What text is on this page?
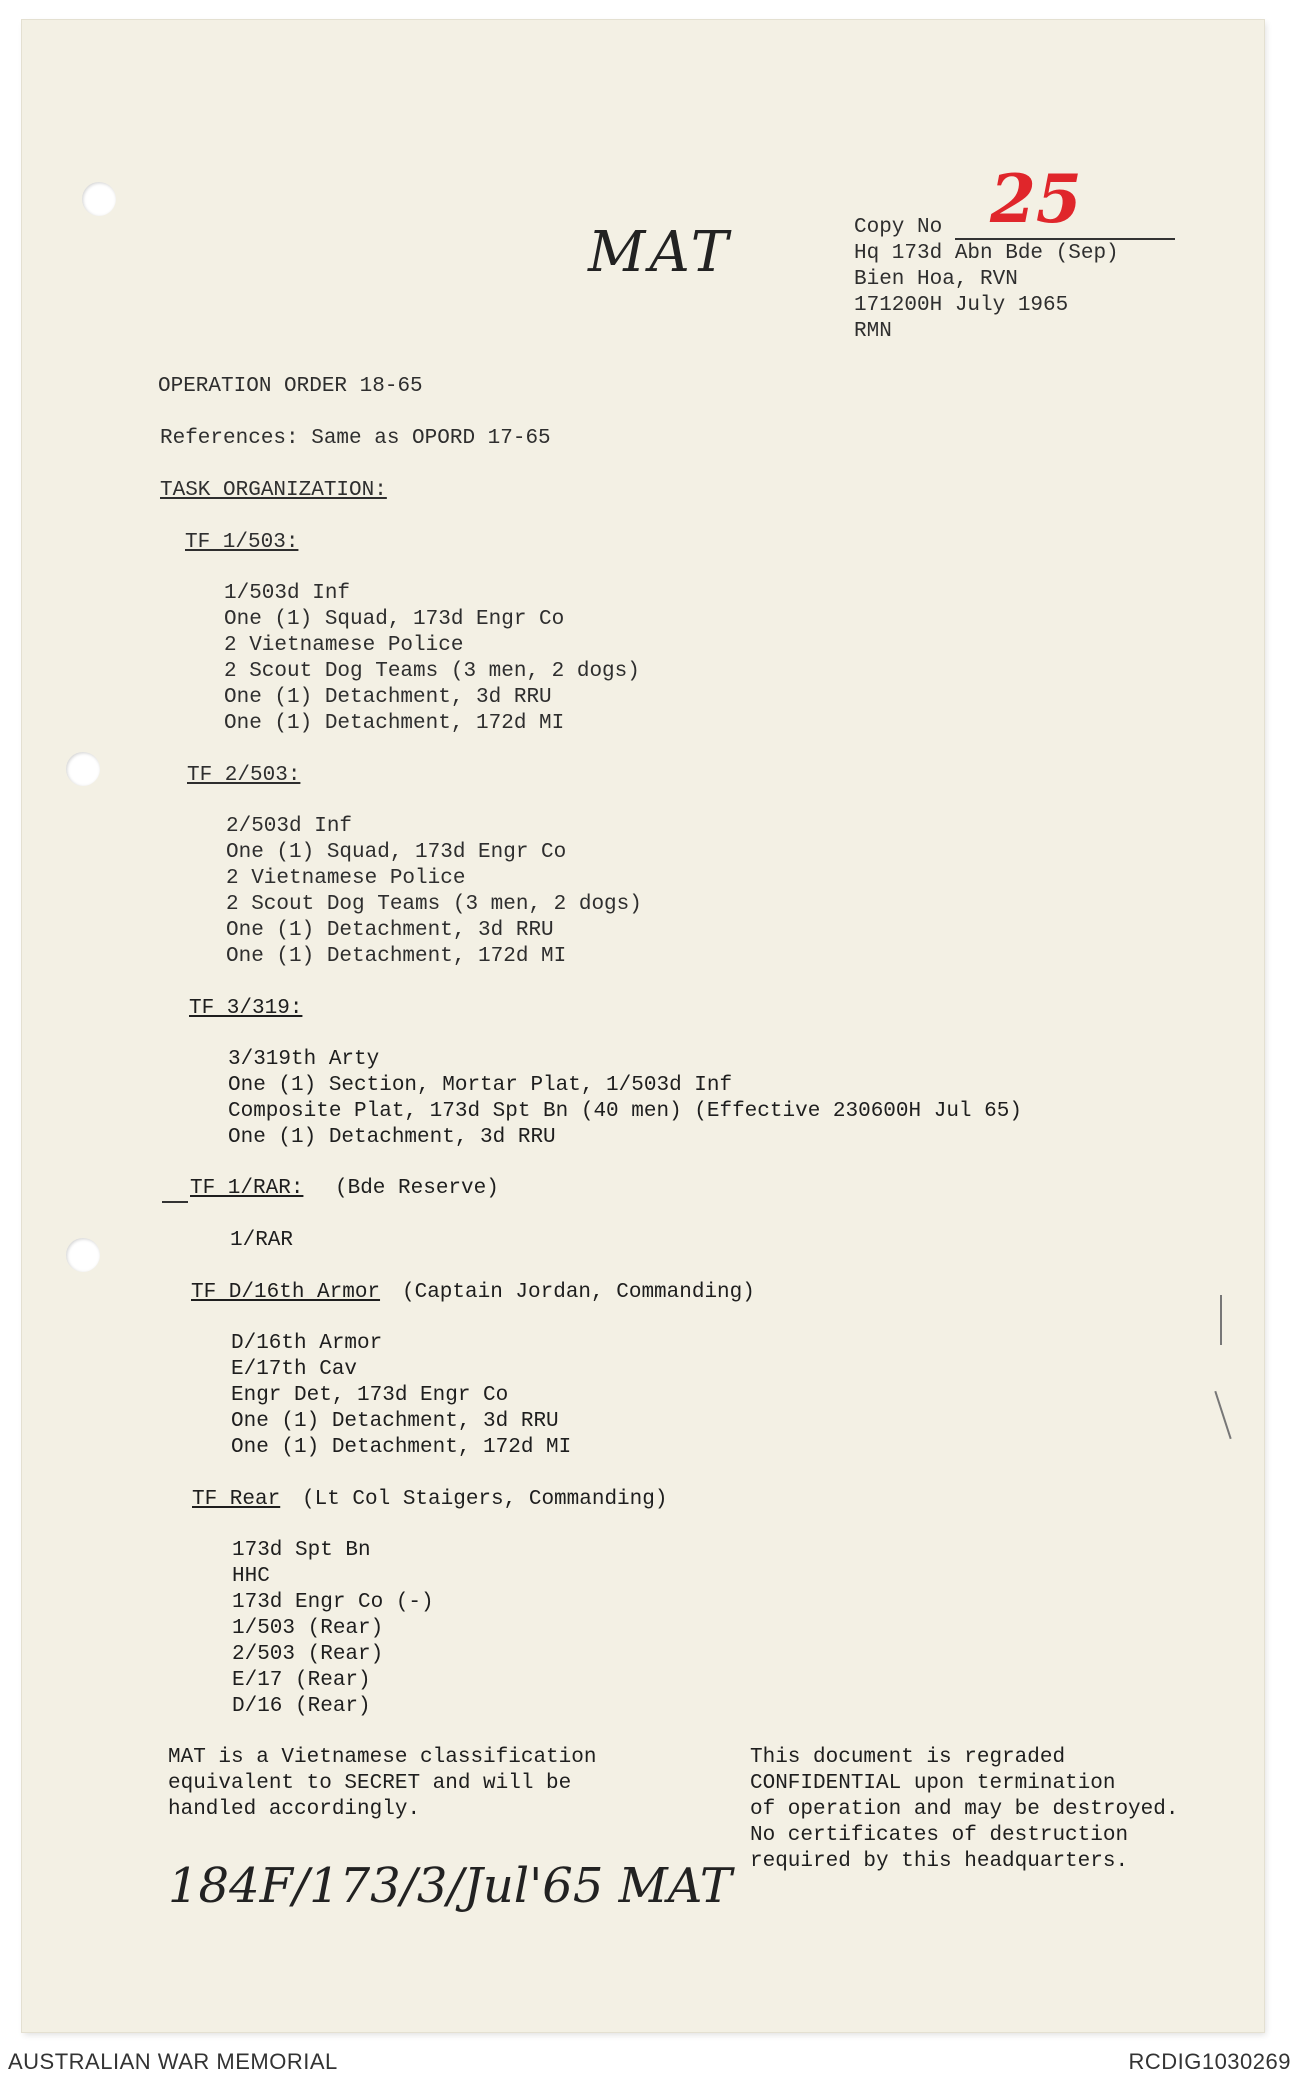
MAT
25
184F/173/3/Jul'65 MAT
Copy No
Hq 173d Abn Bde (Sep)
Bien Hoa, RVN
171200H July 1965
RMN
OPERATION ORDER 18-65
References: Same as OPORD 17-65
TASK ORGANIZATION:
TF 1/503:
1/503d Inf
One (1) Squad, 173d Engr Co
2 Vietnamese Police
2 Scout Dog Teams (3 men, 2 dogs)
One (1) Detachment, 3d RRU
One (1) Detachment, 172d MI
TF 2/503:
2/503d Inf
One (1) Squad, 173d Engr Co
2 Vietnamese Police
2 Scout Dog Teams (3 men, 2 dogs)
One (1) Detachment, 3d RRU
One (1) Detachment, 172d MI
TF 3/319:
3/319th Arty
One (1) Section, Mortar Plat, 1/503d Inf
Composite Plat, 173d Spt Bn (40 men) (Effective 230600H Jul 65)
One (1) Detachment, 3d RRU
TF 1/RAR: (Bde Reserve)
1/RAR
TF D/16th Armor (Captain Jordan, Commanding)
D/16th Armor
E/17th Cav
Engr Det, 173d Engr Co
One (1) Detachment, 3d RRU
One (1) Detachment, 172d MI
TF Rear (Lt Col Staigers, Commanding)
173d Spt Bn
HHC
173d Engr Co (-)
1/503 (Rear)
2/503 (Rear)
E/17 (Rear)
D/16 (Rear)
MAT is a Vietnamese classification
equivalent to SECRET and will be
handled accordingly.
This document is regraded
CONFIDENTIAL upon termination
of operation and may be destroyed.
No certificates of destruction
required by this headquarters.
AUSTRALIAN WAR MEMORIAL	RCDIG1030269
